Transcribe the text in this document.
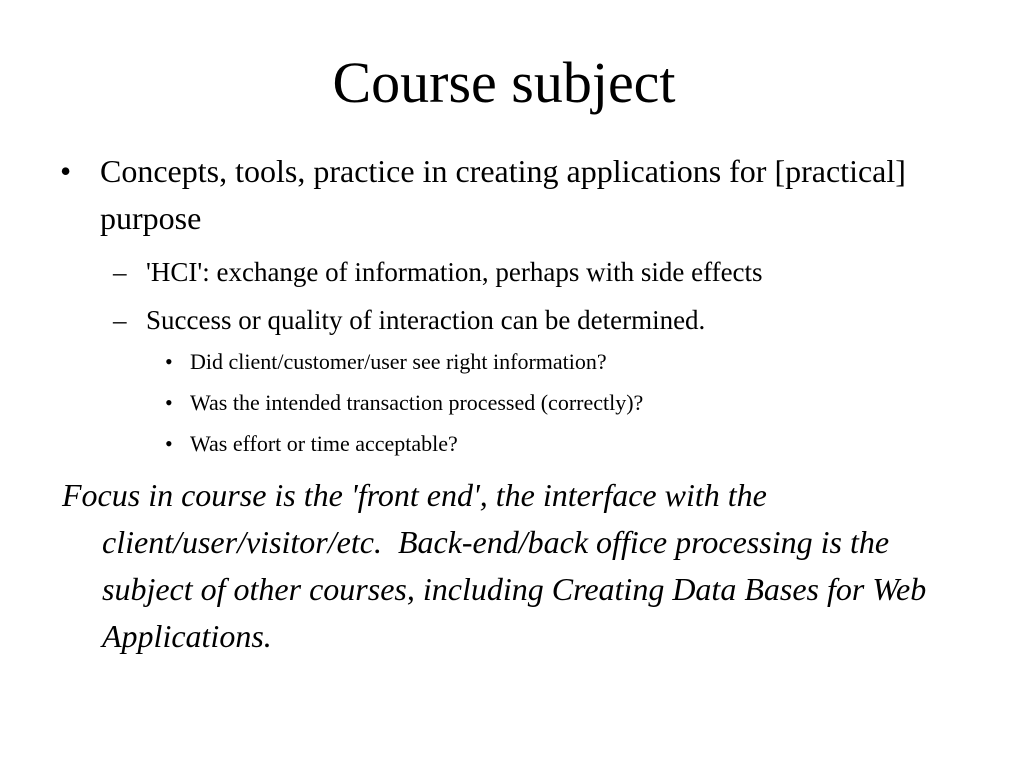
Course subject
• Concepts, tools, practice in creating applications for [practical] purpose
– 'HCI': exchange of information, perhaps with side effects
– Success or quality of interaction can be determined.
• Did client/customer/user see right information?
• Was the intended transaction processed (correctly)?
• Was effort or time acceptable?
Focus in course is the 'front end', the interface with the client/user/visitor/etc.  Back-end/back office processing is the subject of other courses, including Creating Data Bases for Web Applications.
